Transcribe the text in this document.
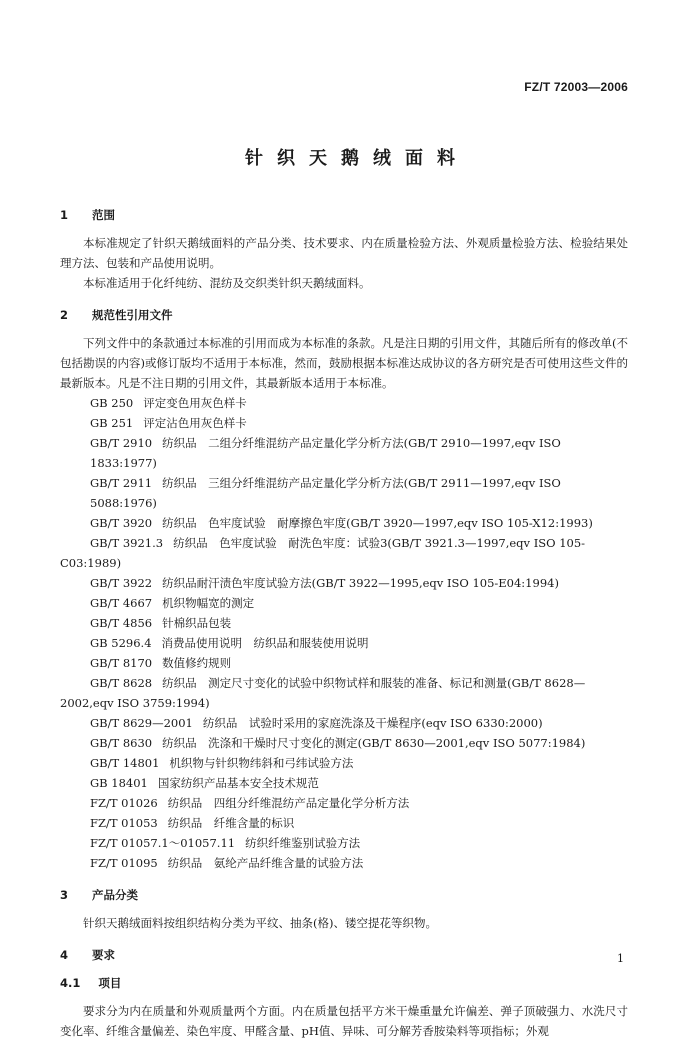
FZ/T 72003—2006
针织天鹅绒面料
1 范围

本标准规定了针织天鹅绒面料的产品分类、技术要求、内在质量检验方法、外观质量检验方法、检验结果处理方法、包装和产品使用说明。

本标准适用于化纤纯纺、混纺及交织类针织天鹅绒面料。

2 规范性引用文件

下列文件中的条款通过本标准的引用而成为本标准的条款。凡是注日期的引用文件，其随后所有的修改单(不包括勘误的内容)或修订版均不适用于本标准，然而，鼓励根据本标准达成协议的各方研究是否可使用这些文件的最新版本。凡是不注日期的引用文件，其最新版本适用于本标准。

GB 250 评定变色用灰色样卡
GB 251 评定沾色用灰色样卡
GB/T 2910 纺织品　二组分纤维混纺产品定量化学分析方法(GB/T 2910—1997,eqv ISO 1833:1977)
GB/T 2911 纺织品　三组分纤维混纺产品定量化学分析方法(GB/T 2911—1997,eqv ISO 5088:1976)
GB/T 3920 纺织品　色牢度试验　耐摩擦色牢度(GB/T 3920—1997,eqv ISO 105-X12:1993)
GB/T 3921.3 纺织品　色牢度试验　耐洗色牢度：试验3(GB/T 3921.3—1997,eqv ISO 105-C03:1989)
GB/T 3922 纺织品耐汗渍色牢度试验方法(GB/T 3922—1995,eqv ISO 105-E04:1994)
GB/T 4667 机织物幅宽的测定
GB/T 4856 针棉织品包装
GB 5296.4 消费品使用说明　纺织品和服装使用说明
GB/T 8170 数值修约规则
GB/T 8628 纺织品　测定尺寸变化的试验中织物试样和服装的准备、标记和测量(GB/T 8628—2002,eqv ISO 3759:1994)
GB/T 8629—2001 纺织品　试验时采用的家庭洗涤及干燥程序(eqv ISO 6330:2000)
GB/T 8630 纺织品　洗涤和干燥时尺寸变化的测定(GB/T 8630—2001,eqv ISO 5077:1984)
GB/T 14801 机织物与针织物纬斜和弓纬试验方法
GB 18401 国家纺织产品基本安全技术规范
FZ/T 01026 纺织品　四组分纤维混纺产品定量化学分析方法
FZ/T 01053 纺织品　纤维含量的标识
FZ/T 01057.1～01057.11 纺织纤维鉴别试验方法
FZ/T 01095 纺织品　氨纶产品纤维含量的试验方法
3 产品分类

针织天鹅绒面料按组织结构分类为平纹、抽条(格)、镂空提花等织物。

4 要求
4.1 项目

要求分为内在质量和外观质量两个方面。内在质量包括平方米干燥重量允许偏差、弹子顶破强力、水洗尺寸变化率、纤维含量偏差、染色牢度、甲醛含量、pH值、异味、可分解芳香胺染料等项指标；外观

1
